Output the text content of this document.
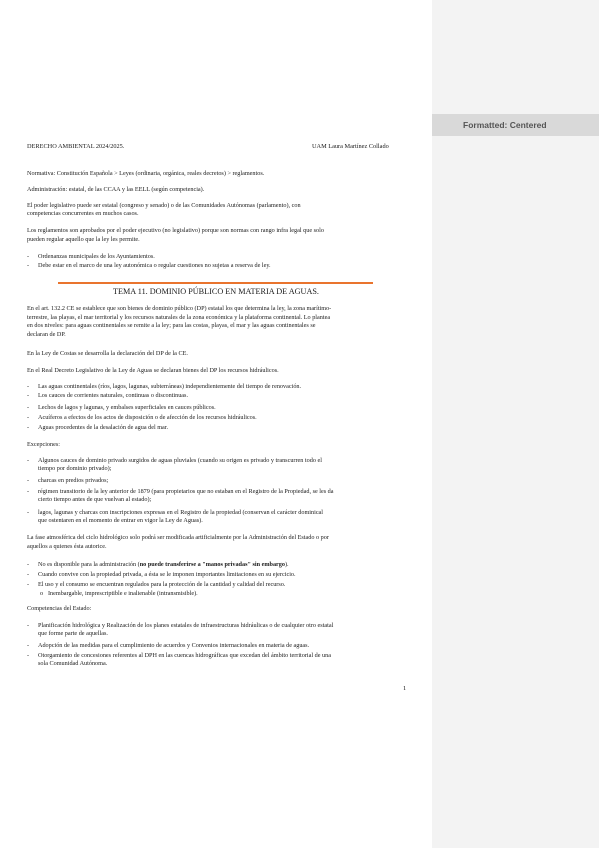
Formatted: Centered
DERECHO AMBIENTAL 2024/2025.	UAM Laura Martínez Collado
Normativa: Constitución Española > Leyes (ordinaria, orgánica, reales decretos) > reglamentos.
Administración: estatal, de las CCAA y las EELL (según competencia).
El poder legislativo puede ser estatal (congreso y senado) o de las Comunidades Autónomas (parlamento), con
competencias concurrentes en muchos casos.
Los reglamentos son aprobados por el poder ejecutivo (no legislativo) porque son normas con rango infra legal que solo
pueden regular aquello que la ley les permite.
- Ordenanzas municipales de los Ayuntamientos.
- Debe estar en el marco de una ley autonómica o regular cuestiones no sujetas a reserva de ley.
TEMA 11. DOMINIO PÚBLICO EN MATERIA DE AGUAS.
En el art. 132.2 CE se establece que son bienes de dominio público (DP) estatal los que determina la ley, la zona marítimo-
terrestre, las playas, el mar territorial y los recursos naturales de la zona económica y la plataforma continental. Lo plantea
en dos niveles: para aguas continentales se remite a la ley; para las costas, playas, el mar y las aguas continentales se
declaran de DP.
En la Ley de Costas se desarrolla la declaración del DP de la CE.
En el Real Decreto Legislativo de la Ley de Aguas se declaran bienes del DP los recursos hidráulicos.
- Las aguas continentales (ríos, lagos, lagunas, subterráneas) independientemente del tiempo de renovación.
- Los cauces de corrientes naturales, continuas o discontinuas.
- Lechos de lagos y lagunas, y embalses superficiales en cauces públicos.
- Acuíferos a efectos de los actos de disposición o de afección de los recursos hidráulicos.
- Aguas procedentes de la desalación de agua del mar.
Excepciones:
- Algunos cauces de dominio privado surgidos de aguas pluviales (cuando su origen es privado y transcurren todo el
tiempo por dominio privado);
- charcas en predios privados;
- régimen transitorio de la ley anterior de 1879 (para propietarios que no estaban en el Registro de la Propiedad, se les da
cierto tiempo antes de que vuelvan al estado);
- lagos, lagunas y charcas con inscripciones expresas en el Registro de la propiedad (conservan el carácter dominical
que ostentaren en el momento de entrar en vigor la Ley de Aguas).
La fase atmosférica del ciclo hidrológico solo podrá ser modificada artificialmente por la Administración del Estado o por
aquellos a quienes ésta autorice.
- No es disponible para la administración (no puede transferirse a "manos privadas" sin embargo).
- Cuando convive con la propiedad privada, a ésta se le imponen importantes limitaciones en su ejercicio.
- El uso y el consumo se encuentran regulados para la protección de la cantidad y calidad del recurso.
o Inembargable, imprescriptible e inalienable (intransmisible).
Competencias del Estado:
- Planificación hidrológica y Realización de los planes estatales de infraestructuras hidráulicas o de cualquier otro estatal
que forme parte de aquellas.
- Adopción de las medidas para el cumplimiento de acuerdos y Convenios internacionales en materia de aguas.
- Otorgamiento de concesiones referentes al DPH en las cuencas hidrográficas que excedan del ámbito territorial de una
sola Comunidad Autónoma.
1
